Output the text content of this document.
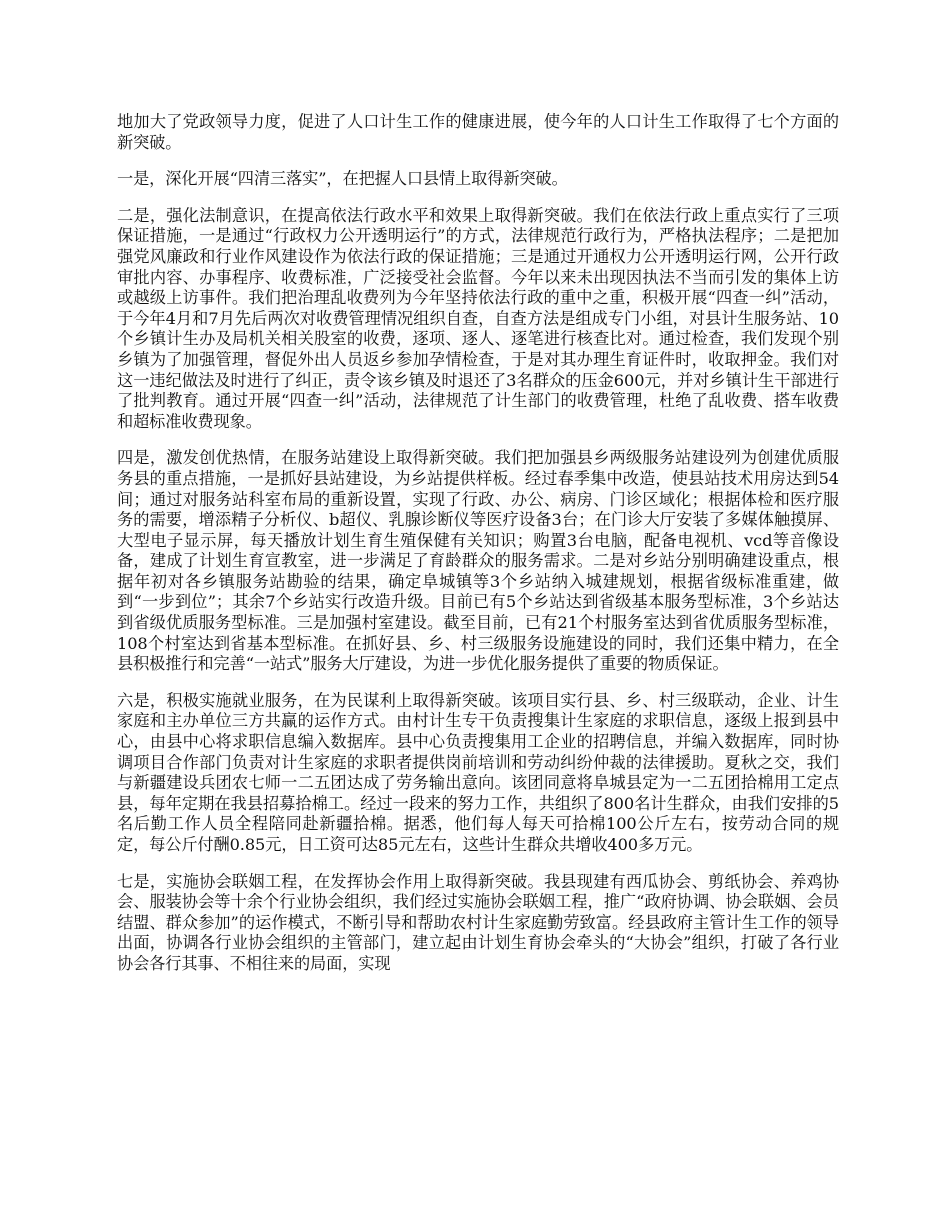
地加大了党政领导力度，促进了人口计生工作的健康进展，使今年的人口计生工作取得了七个方面的新突破。

一是，深化开展“四清三落实”，在把握人口县情上取得新突破。

二是，强化法制意识，在提高依法行政水平和效果上取得新突破。我们在依法行政上重点实行了三项保证措施，一是通过“行政权力公开透明运行”的方式，法律规范行政行为，严格执法程序；二是把加强党风廉政和行业作风建设作为依法行政的保证措施；三是通过开通权力公开透明运行网，公开行政审批内容、办事程序、收费标准，广泛接受社会监督。今年以来未出现因执法不当而引发的集体上访或越级上访事件。我们把治理乱收费列为今年坚持依法行政的重中之重，积极开展“四查一纠”活动，于今年4月和7月先后两次对收费管理情况组织自查，自查方法是组成专门小组，对县计生服务站、10个乡镇计生办及局机关相关股室的收费，逐项、逐人、逐笔进行核查比对。通过检查，我们发现个别乡镇为了加强管理，督促外出人员返乡参加孕情检查，于是对其办理生育证件时，收取押金。我们对这一违纪做法及时进行了纠正，责令该乡镇及时退还了3名群众的压金600元，并对乡镇计生干部进行了批判教育。通过开展“四查一纠”活动，法律规范了计生部门的收费管理，杜绝了乱收费、搭车收费和超标准收费现象。

四是，激发创优热情，在服务站建设上取得新突破。我们把加强县乡两级服务站建设列为创建优质服务县的重点措施，一是抓好县站建设，为乡站提供样板。经过春季集中改造，使县站技术用房达到54间；通过对服务站科室布局的重新设置，实现了行政、办公、病房、门诊区域化；根据体检和医疗服务的需要，增添精子分析仪、b超仪、乳腺诊断仪等医疗设备3台；在门诊大厅安装了多媒体触摸屏、大型电子显示屏，每天播放计划生育生殖保健有关知识；购置3台电脑，配备电视机、vcd等音像设备，建成了计划生育宣教室，进一步满足了育龄群众的服务需求。二是对乡站分别明确建设重点，根据年初对各乡镇服务站勘验的结果，确定阜城镇等3个乡站纳入城建规划，根据省级标准重建，做到“一步到位”；其余7个乡站实行改造升级。目前已有5个乡站达到省级基本服务型标准，3个乡站达到省级优质服务型标准。三是加强村室建设。截至目前，已有21个村服务室达到省优质服务型标准，108个村室达到省基本型标准。在抓好县、乡、村三级服务设施建设的同时，我们还集中精力，在全县积极推行和完善“一站式”服务大厅建设，为进一步优化服务提供了重要的物质保证。

六是，积极实施就业服务，在为民谋利上取得新突破。该项目实行县、乡、村三级联动，企业、计生家庭和主办单位三方共赢的运作方式。由村计生专干负责搜集计生家庭的求职信息，逐级上报到县中心，由县中心将求职信息编入数据库。县中心负责搜集用工企业的招聘信息，并编入数据库，同时协调项目合作部门负责对计生家庭的求职者提供岗前培训和劳动纠纷仲裁的法律援助。夏秋之交，我们与新疆建设兵团农七师一二五团达成了劳务输出意向。该团同意将阜城县定为一二五团拾棉用工定点县，每年定期在我县招募拾棉工。经过一段来的努力工作，共组织了800名计生群众，由我们安排的5名后勤工作人员全程陪同赴新疆拾棉。据悉，他们每人每天可拾棉100公斤左右，按劳动合同的规定，每公斤付酬0.85元，日工资可达85元左右，这些计生群众共增收400多万元。

七是，实施协会联姻工程，在发挥协会作用上取得新突破。我县现建有西瓜协会、剪纸协会、养鸡协会、服装协会等十余个行业协会组织，我们经过实施协会联姻工程，推广“政府协调、协会联姻、会员结盟、群众参加”的运作模式，不断引导和帮助农村计生家庭勤劳致富。经县政府主管计生工作的领导出面，协调各行业协会组织的主管部门，建立起由计划生育协会牵头的“大协会”组织，打破了各行业协会各行其事、不相往来的局面，实现
